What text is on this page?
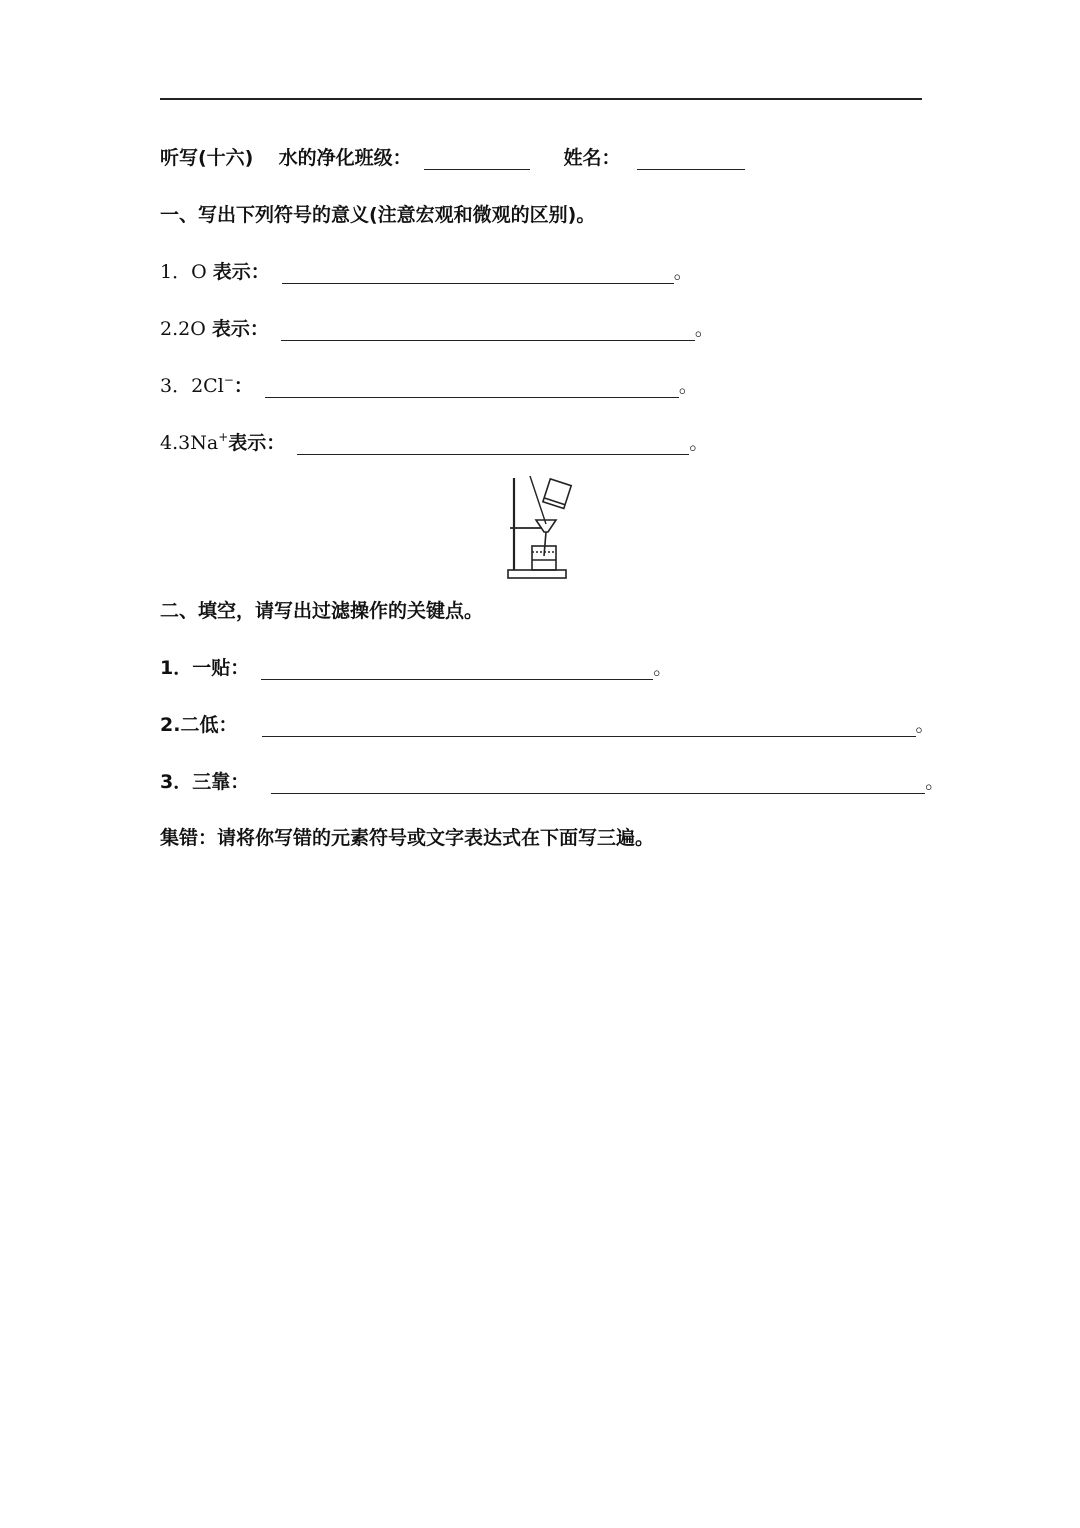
听写(十六) 水的净化班级：	姓名：
一、写出下列符号的意义(注意宏观和微观的区别)。
1．O 表示：	。
2.2O 表示：	。
3．2Cl−：	。
4.3Na+表示：	。
二、填空，请写出过滤操作的关键点。
1．一贴：	。
2.二低：	。
3．三靠：	。
集错：请将你写错的元素符号或文字表达式在下面写三遍。
